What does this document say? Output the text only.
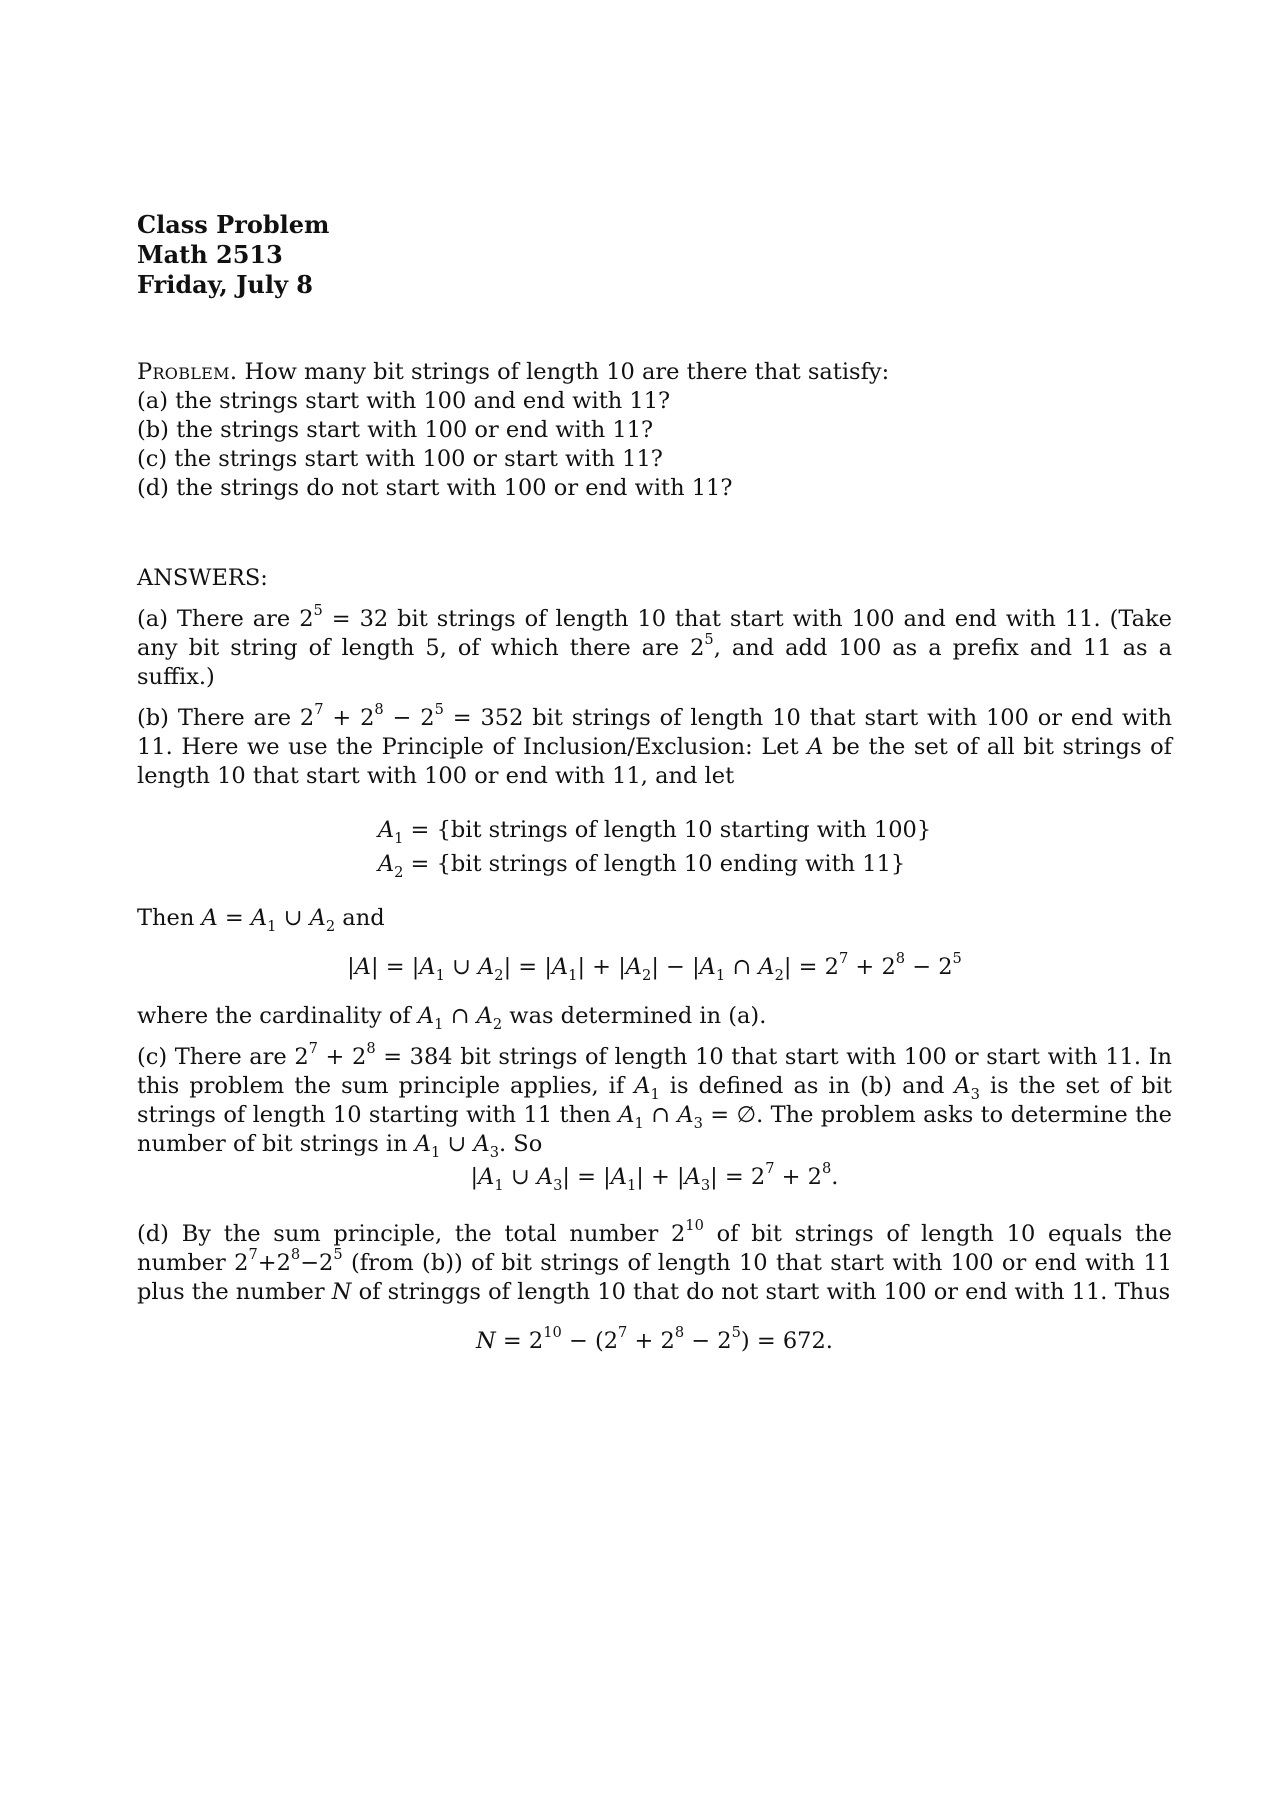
Class Problem
Math 2513
Friday, July 8
Problem. How many bit strings of length 10 are there that satisfy:
(a) the strings start with 100 and end with 11?
(b) the strings start with 100 or end with 11?
(c) the strings start with 100 or start with 11?
(d) the strings do not start with 100 or end with 11?
ANSWERS:
(a) There are $2^5 = 32$ bit strings of length 10 that start with 100 and end with 11. (Take any bit string of length 5, of which there are $2^5$, and add 100 as a prefix and 11 as a suffix.)
(b) There are $2^7 + 2^8 - 2^5 = 352$ bit strings of length 10 that start with 100 or end with 11. Here we use the Principle of Inclusion/Exclusion: Let A be the set of all bit strings of length 10 that start with 100 or end with 11, and let
$A_1 = \{bit$ strings of length 10 starting with 100}
$A_2 = \{bit$ strings of length 10 ending with 11}
Then $A = A_1$ ∪ $A_2$ and
$|A| = |A_1$ ∪ $A_2| = |A_1| + |A_2| - |A_1$ ∩ $A_2| = 2^7 + 2^8 - 2^5$
where the cardinality of $A_1$ ∩ $A_2$ was determined in (a).
(c) There are $2^7 + 2^8 = 384$ bit strings of length 10 that start with 100 or start with 11. In this problem the sum principle applies, if $A_1$ is defined as in (b) and $A_3$ is the set of bit strings of length 10 starting with 11 then $A_1$ ∩ $A_3$ = ∅. The problem asks to determine the number of bit strings in $A_1$ ∪ $A_3$. So
$|A_1$ ∪ $A_3| = |A_1| + |A_3| = 2^7 + 2^8$.
(d) By the sum principle, the total number $2^{10}$ of bit strings of length 10 equals the number $2^7+2^8-2^5$ (from (b)) of bit strings of length 10 that start with 100 or end with 11 plus the number N of stringgs of length 10 that do not start with 100 or end with 11. Thus
$N = 2^{10} - (2^7 + 2^8 - 2^5) = 672$.
